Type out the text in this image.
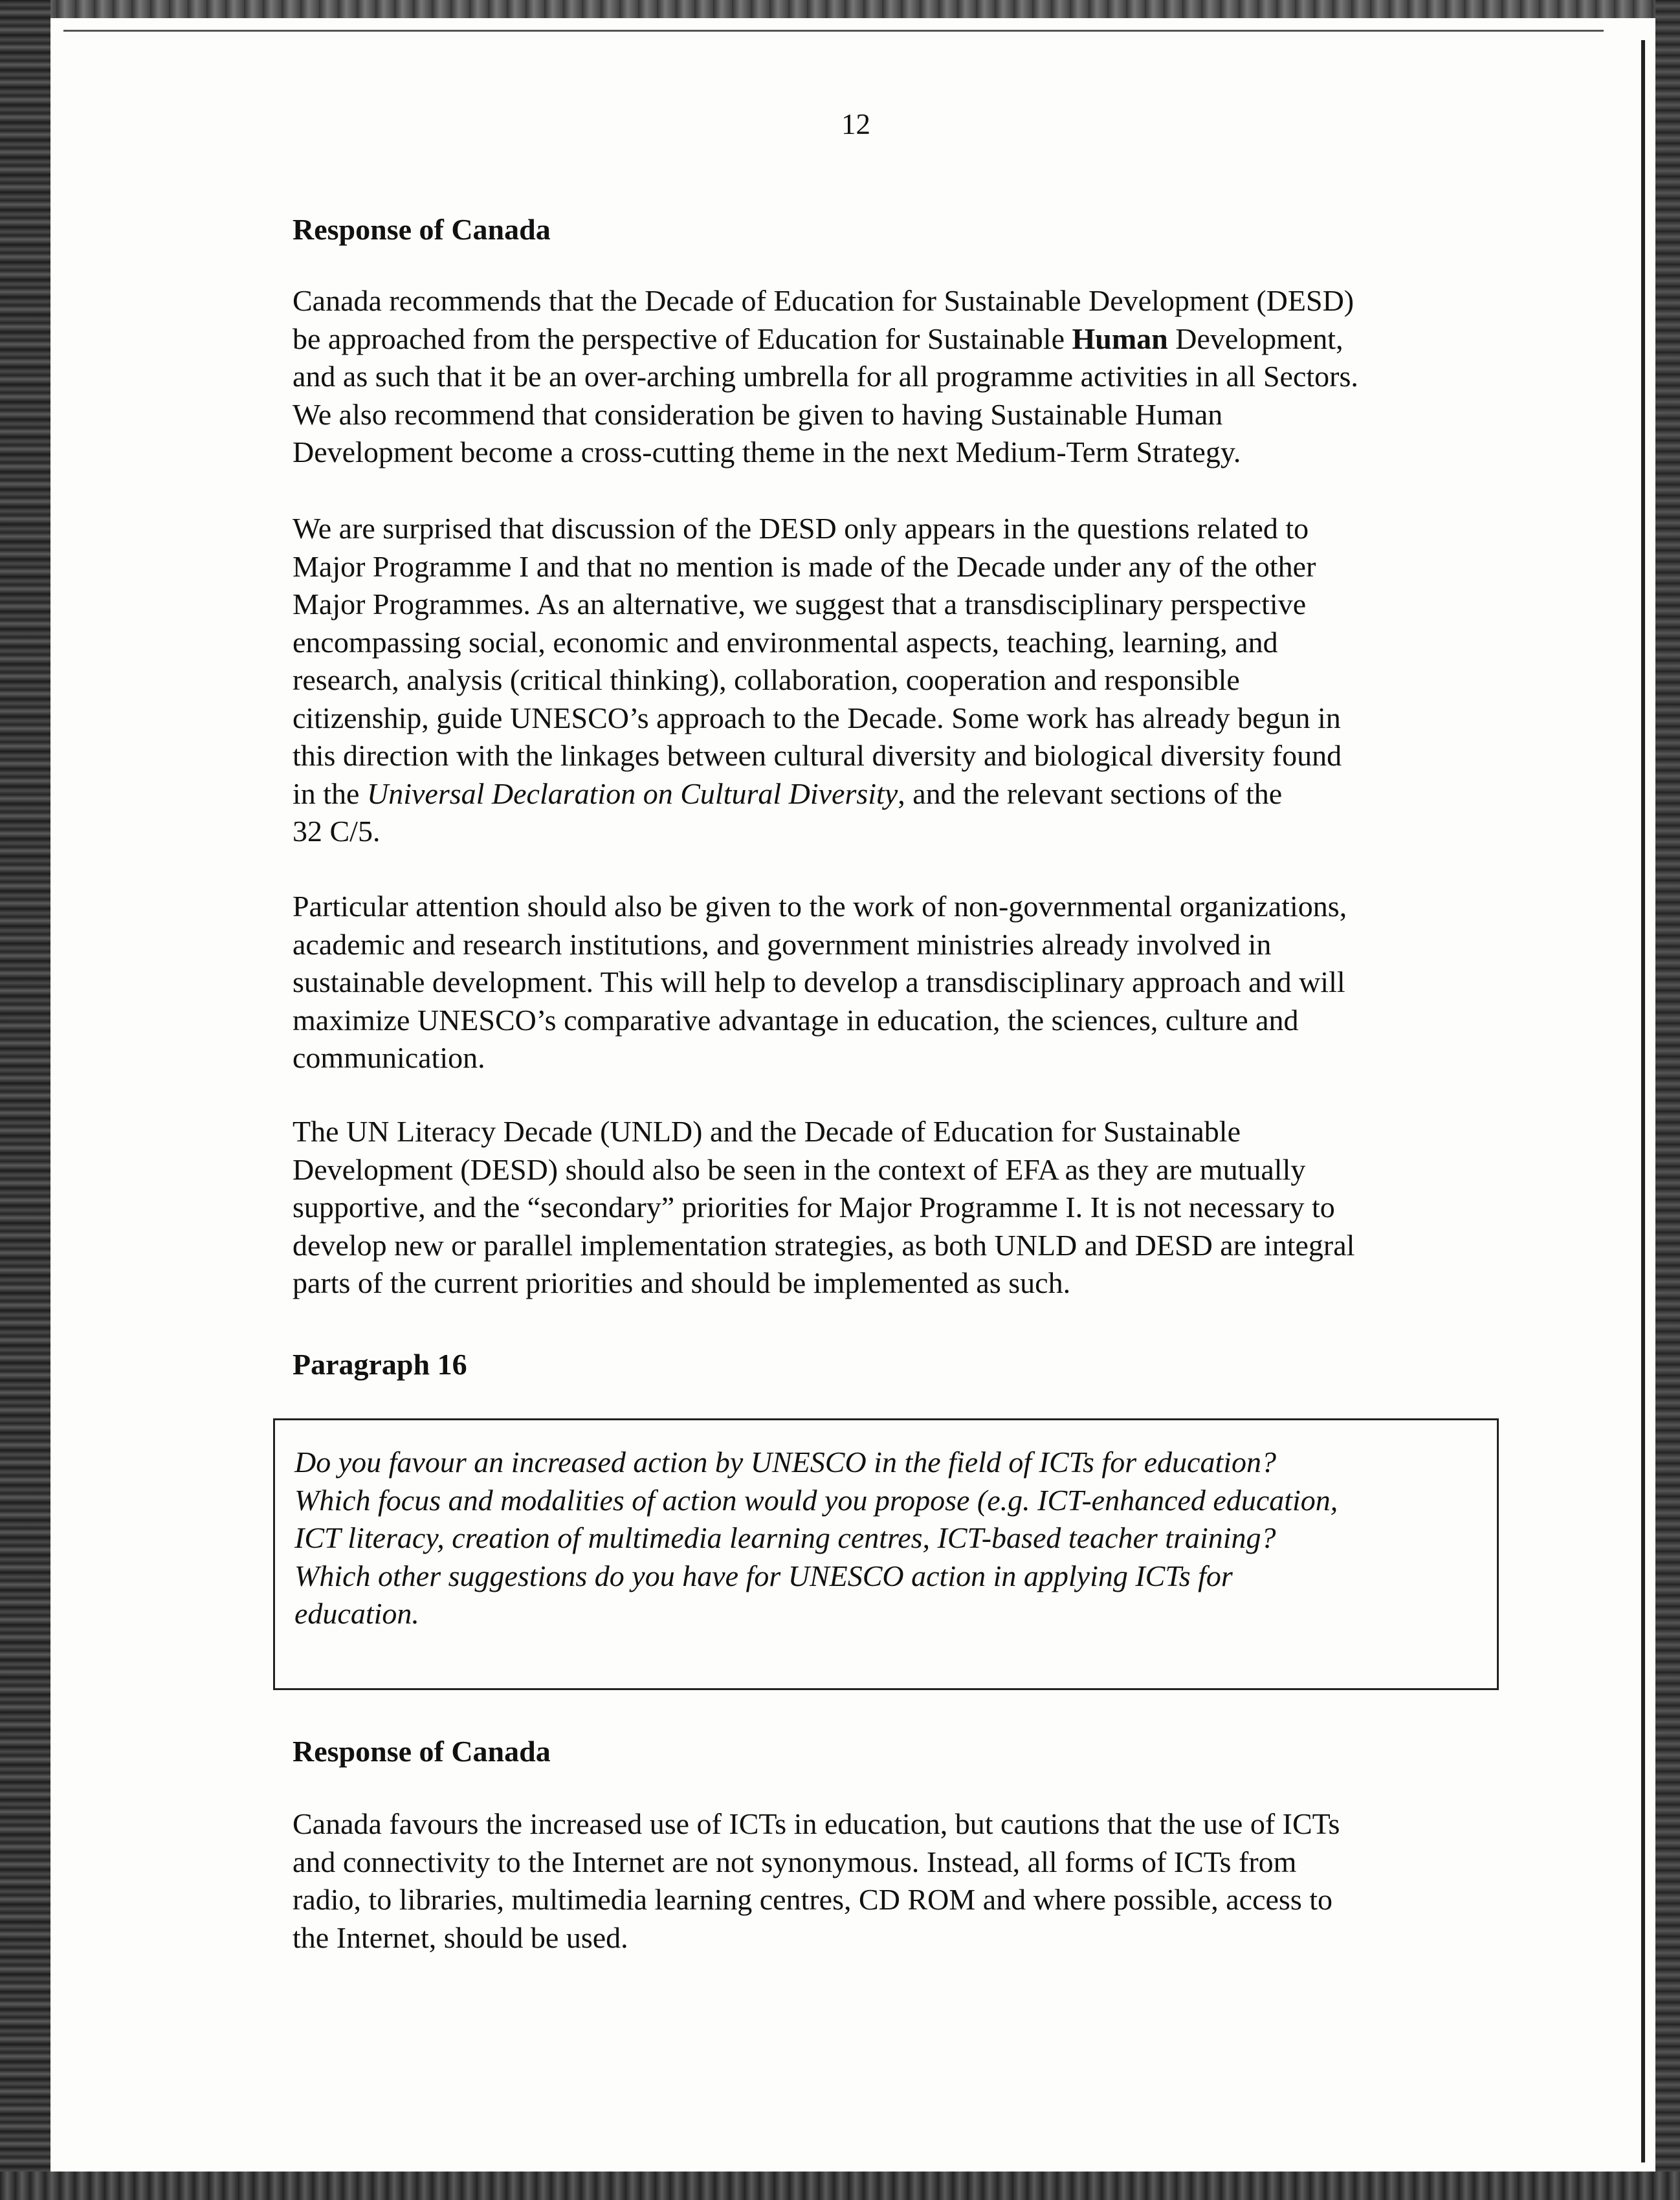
12
Response of Canada

Canada recommends that the Decade of Education for Sustainable Development (DESD)
be approached from the perspective of Education for Sustainable Human Development,
and as such that it be an over-arching umbrella for all programme activities in all Sectors.
We also recommend that consideration be given to having Sustainable Human
Development become a cross-cutting theme in the next Medium-Term Strategy.

We are surprised that discussion of the DESD only appears in the questions related to
Major Programme I and that no mention is made of the Decade under any of the other
Major Programmes. As an alternative, we suggest that a transdisciplinary perspective
encompassing social, economic and environmental aspects, teaching, learning, and
research, analysis (critical thinking), collaboration, cooperation and responsible
citizenship, guide UNESCO’s approach to the Decade. Some work has already begun in
this direction with the linkages between cultural diversity and biological diversity found
in the Universal Declaration on Cultural Diversity, and the relevant sections of the
32 C/5.

Particular attention should also be given to the work of non-governmental organizations,
academic and research institutions, and government ministries already involved in
sustainable development. This will help to develop a transdisciplinary approach and will
maximize UNESCO’s comparative advantage in education, the sciences, culture and
communication.

The UN Literacy Decade (UNLD) and the Decade of Education for Sustainable
Development (DESD) should also be seen in the context of EFA as they are mutually
supportive, and the “secondary” priorities for Major Programme I. It is not necessary to
develop new or parallel implementation strategies, as both UNLD and DESD are integral
parts of the current priorities and should be implemented as such.

Paragraph 16

Do you favour an increased action by UNESCO in the field of ICTs for education?
Which focus and modalities of action would you propose (e.g. ICT-enhanced education,
ICT literacy, creation of multimedia learning centres, ICT-based teacher training?
Which other suggestions do you have for UNESCO action in applying ICTs for
education.

Response of Canada

Canada favours the increased use of ICTs in education, but cautions that the use of ICTs
and connectivity to the Internet are not synonymous. Instead, all forms of ICTs from
radio, to libraries, multimedia learning centres, CD ROM and where possible, access to
the Internet, should be used.
